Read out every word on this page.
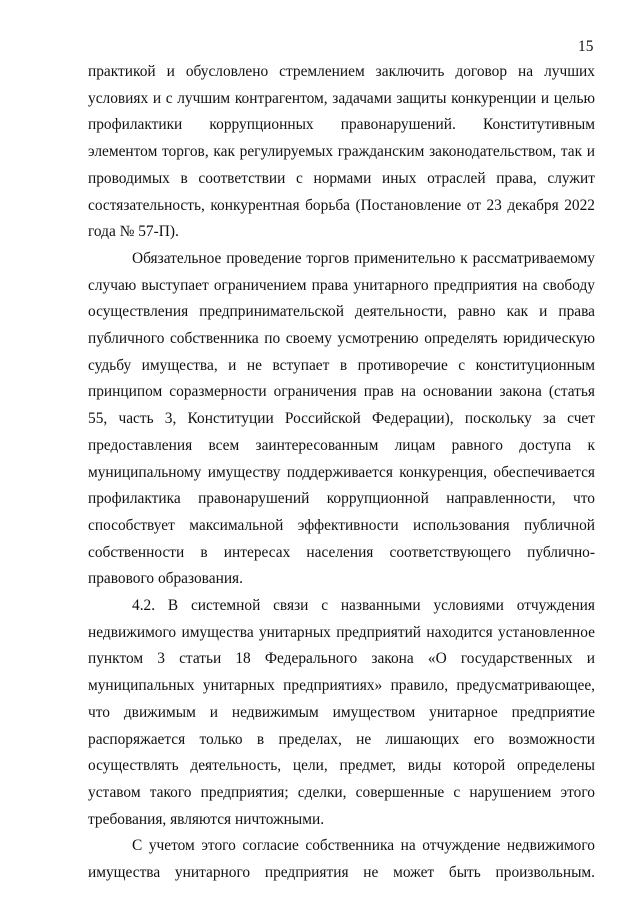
15

практикой и обусловлено стремлением заключить договор на лучших условиях и с лучшим контрагентом, задачами защиты конкуренции и целью профилактики коррупционных правонарушений. Конститутивным элементом торгов, как регулируемых гражданским законодательством, так и проводимых в соответствии с нормами иных отраслей права, служит состязательность, конкурентная борьба (Постановление от 23 декабря 2022 года № 57-П).

Обязательное проведение торгов применительно к рассматриваемому случаю выступает ограничением права унитарного предприятия на свободу осуществления предпринимательской деятельности, равно как и права публичного собственника по своему усмотрению определять юридическую судьбу имущества, и не вступает в противоречие с конституционным принципом соразмерности ограничения прав на основании закона (статья 55, часть 3, Конституции Российской Федерации), поскольку за счет предоставления всем заинтересованным лицам равного доступа к муниципальному имуществу поддерживается конкуренция, обеспечивается профилактика правонарушений коррупционной направленности, что способствует максимальной эффективности использования публичной собственности в интересах населения соответствующего публично-правового образования.

4.2. В системной связи с названными условиями отчуждения недвижимого имущества унитарных предприятий находится установленное пунктом 3 статьи 18 Федерального закона «О государственных и муниципальных унитарных предприятиях» правило, предусматривающее, что движимым и недвижимым имуществом унитарное предприятие распоряжается только в пределах, не лишающих его возможности осуществлять деятельность, цели, предмет, виды которой определены уставом такого предприятия; сделки, совершенные с нарушением этого требования, являются ничтожными.

С учетом этого согласие собственника на отчуждение недвижимого имущества унитарного предприятия не может быть произвольным.
